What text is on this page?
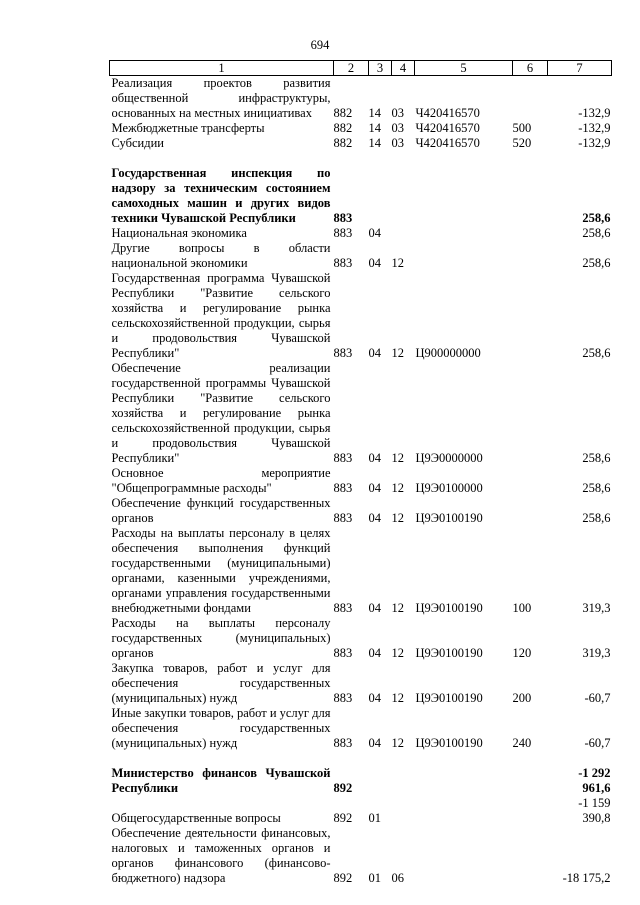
694
1	2	3	4	5	6	7
Реализация проектов развития общественной инфраструктуры, основанных на местных инициативах	882	14	03	Ч420416570		-132,9
Межбюджетные трансферты	882	14	03	Ч420416570	500	-132,9
Субсидии	882	14	03	Ч420416570	520	-132,9

Государственная инспекция по надзору за техническим состоянием самоходных машин и других видов техники Чувашской Республики	883					258,6
Национальная экономика	883	04				258,6
Другие вопросы в области национальной экономики	883	04	12			258,6
Государственная программа Чувашской Республики "Развитие сельского хозяйства и регулирование рынка сельскохозяйственной продукции, сырья и продовольствия Чувашской Республики"	883	04	12	Ц900000000		258,6
Обеспечение реализации государственной программы Чувашской Республики "Развитие сельского хозяйства и регулирование рынка сельскохозяйственной продукции, сырья и продовольствия Чувашской Республики"	883	04	12	Ц9Э0000000		258,6
Основное мероприятие "Общепрограммные расходы"	883	04	12	Ц9Э0100000		258,6
Обеспечение функций государственных органов	883	04	12	Ц9Э0100190		258,6
Расходы на выплаты персоналу в целях обеспечения выполнения функций государственными (муниципальными) органами, казенными учреждениями, органами управления государственными внебюджетными фондами	883	04	12	Ц9Э0100190	100	319,3
Расходы на выплаты персоналу государственных (муниципальных) органов	883	04	12	Ц9Э0100190	120	319,3
Закупка товаров, работ и услуг для обеспечения государственных (муниципальных) нужд	883	04	12	Ц9Э0100190	200	-60,7
Иные закупки товаров, работ и услуг для обеспечения государственных (муниципальных) нужд	883	04	12	Ц9Э0100190	240	-60,7

Министерство финансов Чувашской Республики	892					-1 292 961,6
Общегосударственные вопросы	892	01				-1 159 390,8
Обеспечение деятельности финансовых, налоговых и таможенных органов и органов финансового (финансово-бюджетного) надзора	892	01	06			-18 175,2
